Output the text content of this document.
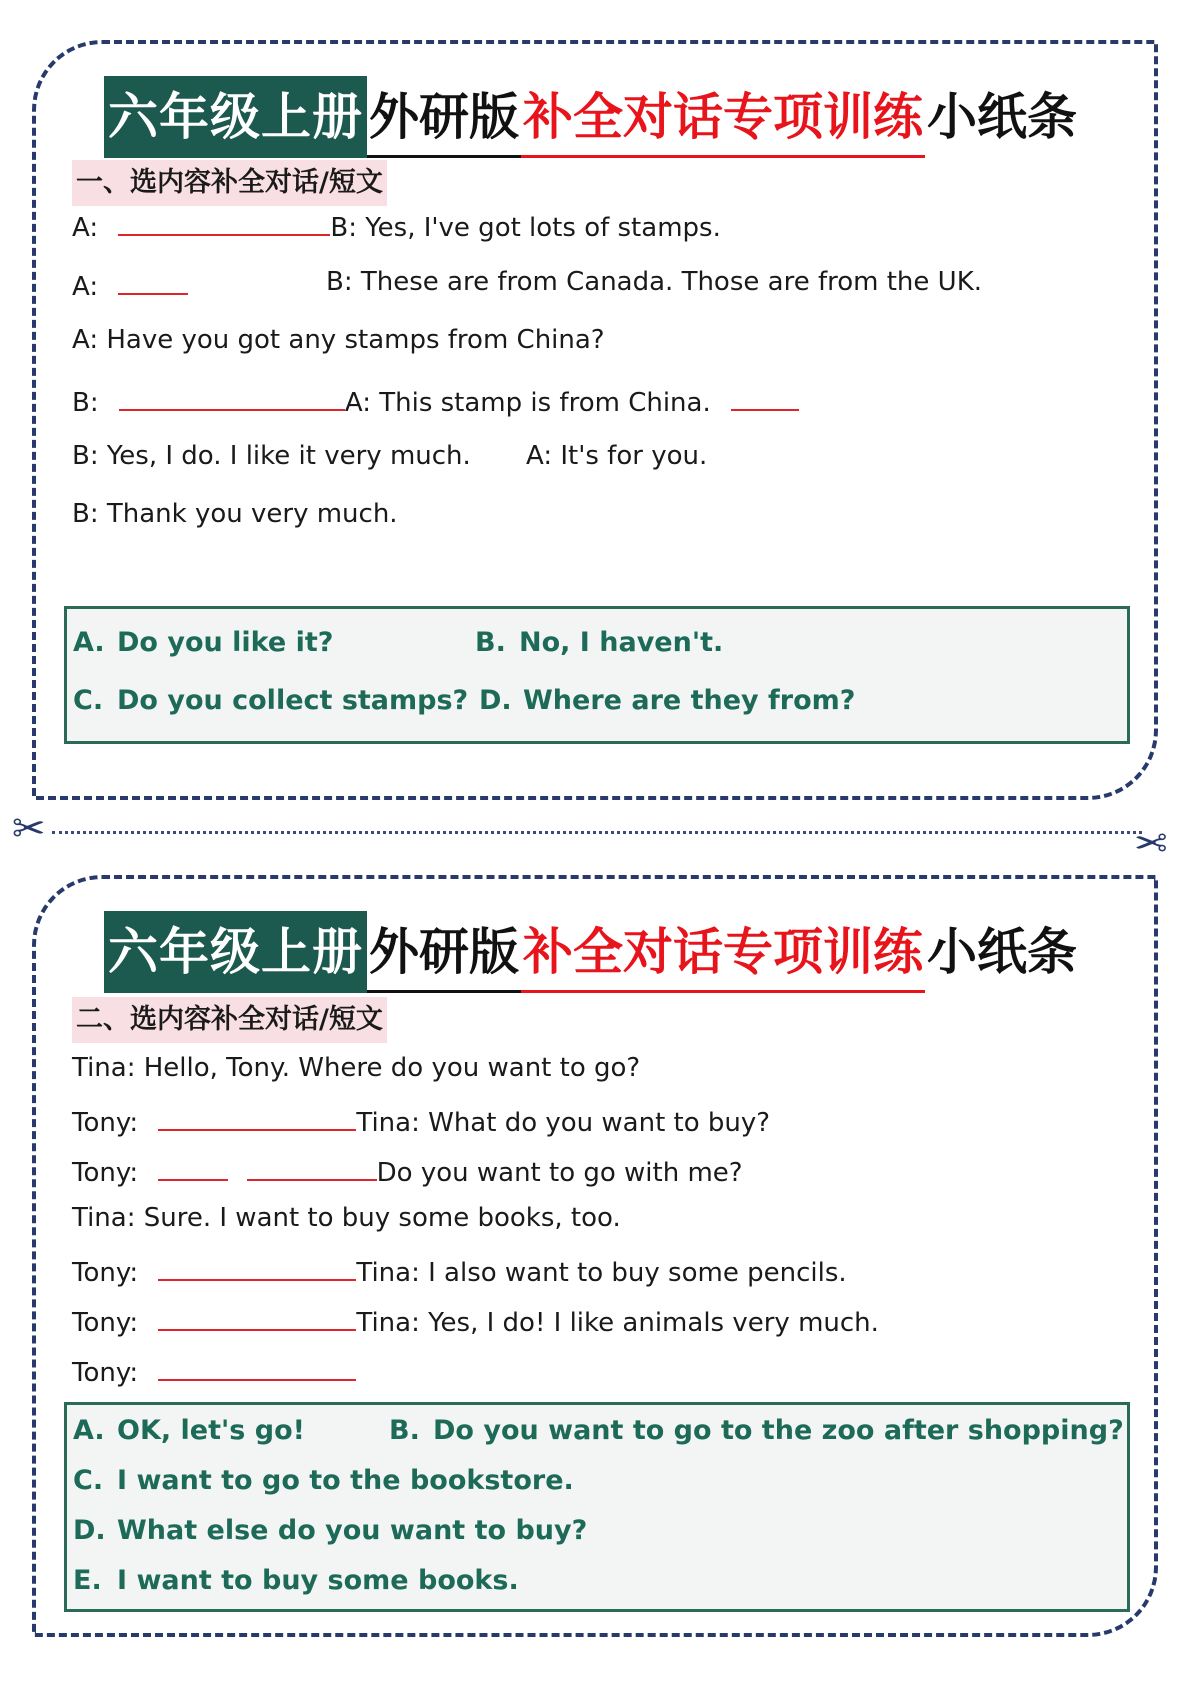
六年级上册 外研版 补全对话专项训练 小纸条
一、选内容补全对话/短文
A:	B: Yes, I've got lots of stamps.
A:	B: These are from Canada. Those are from the UK.
A: Have you got any stamps from China?
B:	A: This stamp is from China.
B: Yes, I do. I like it very much. A: It's for you.
B: Thank you very much.
A. Do you like it?	B. No, I haven't.
C. Do you collect stamps? D. Where are they from?
✂	✂
六年级上册 外研版 补全对话专项训练 小纸条
二、选内容补全对话/短文
Tina: Hello, Tony. Where do you want to go?
Tony:	Tina: What do you want to buy?
Tony:	Do you want to go with me?
Tina: Sure. I want to buy some books, too.
Tony:	Tina: I also want to buy some pencils.
Tony:	Tina: Yes, I do! I like animals very much.
Tony:
A. OK, let's go!	B. Do you want to go to the zoo after shopping?
C. I want to go to the bookstore.
D. What else do you want to buy?
E. I want to buy some books.
